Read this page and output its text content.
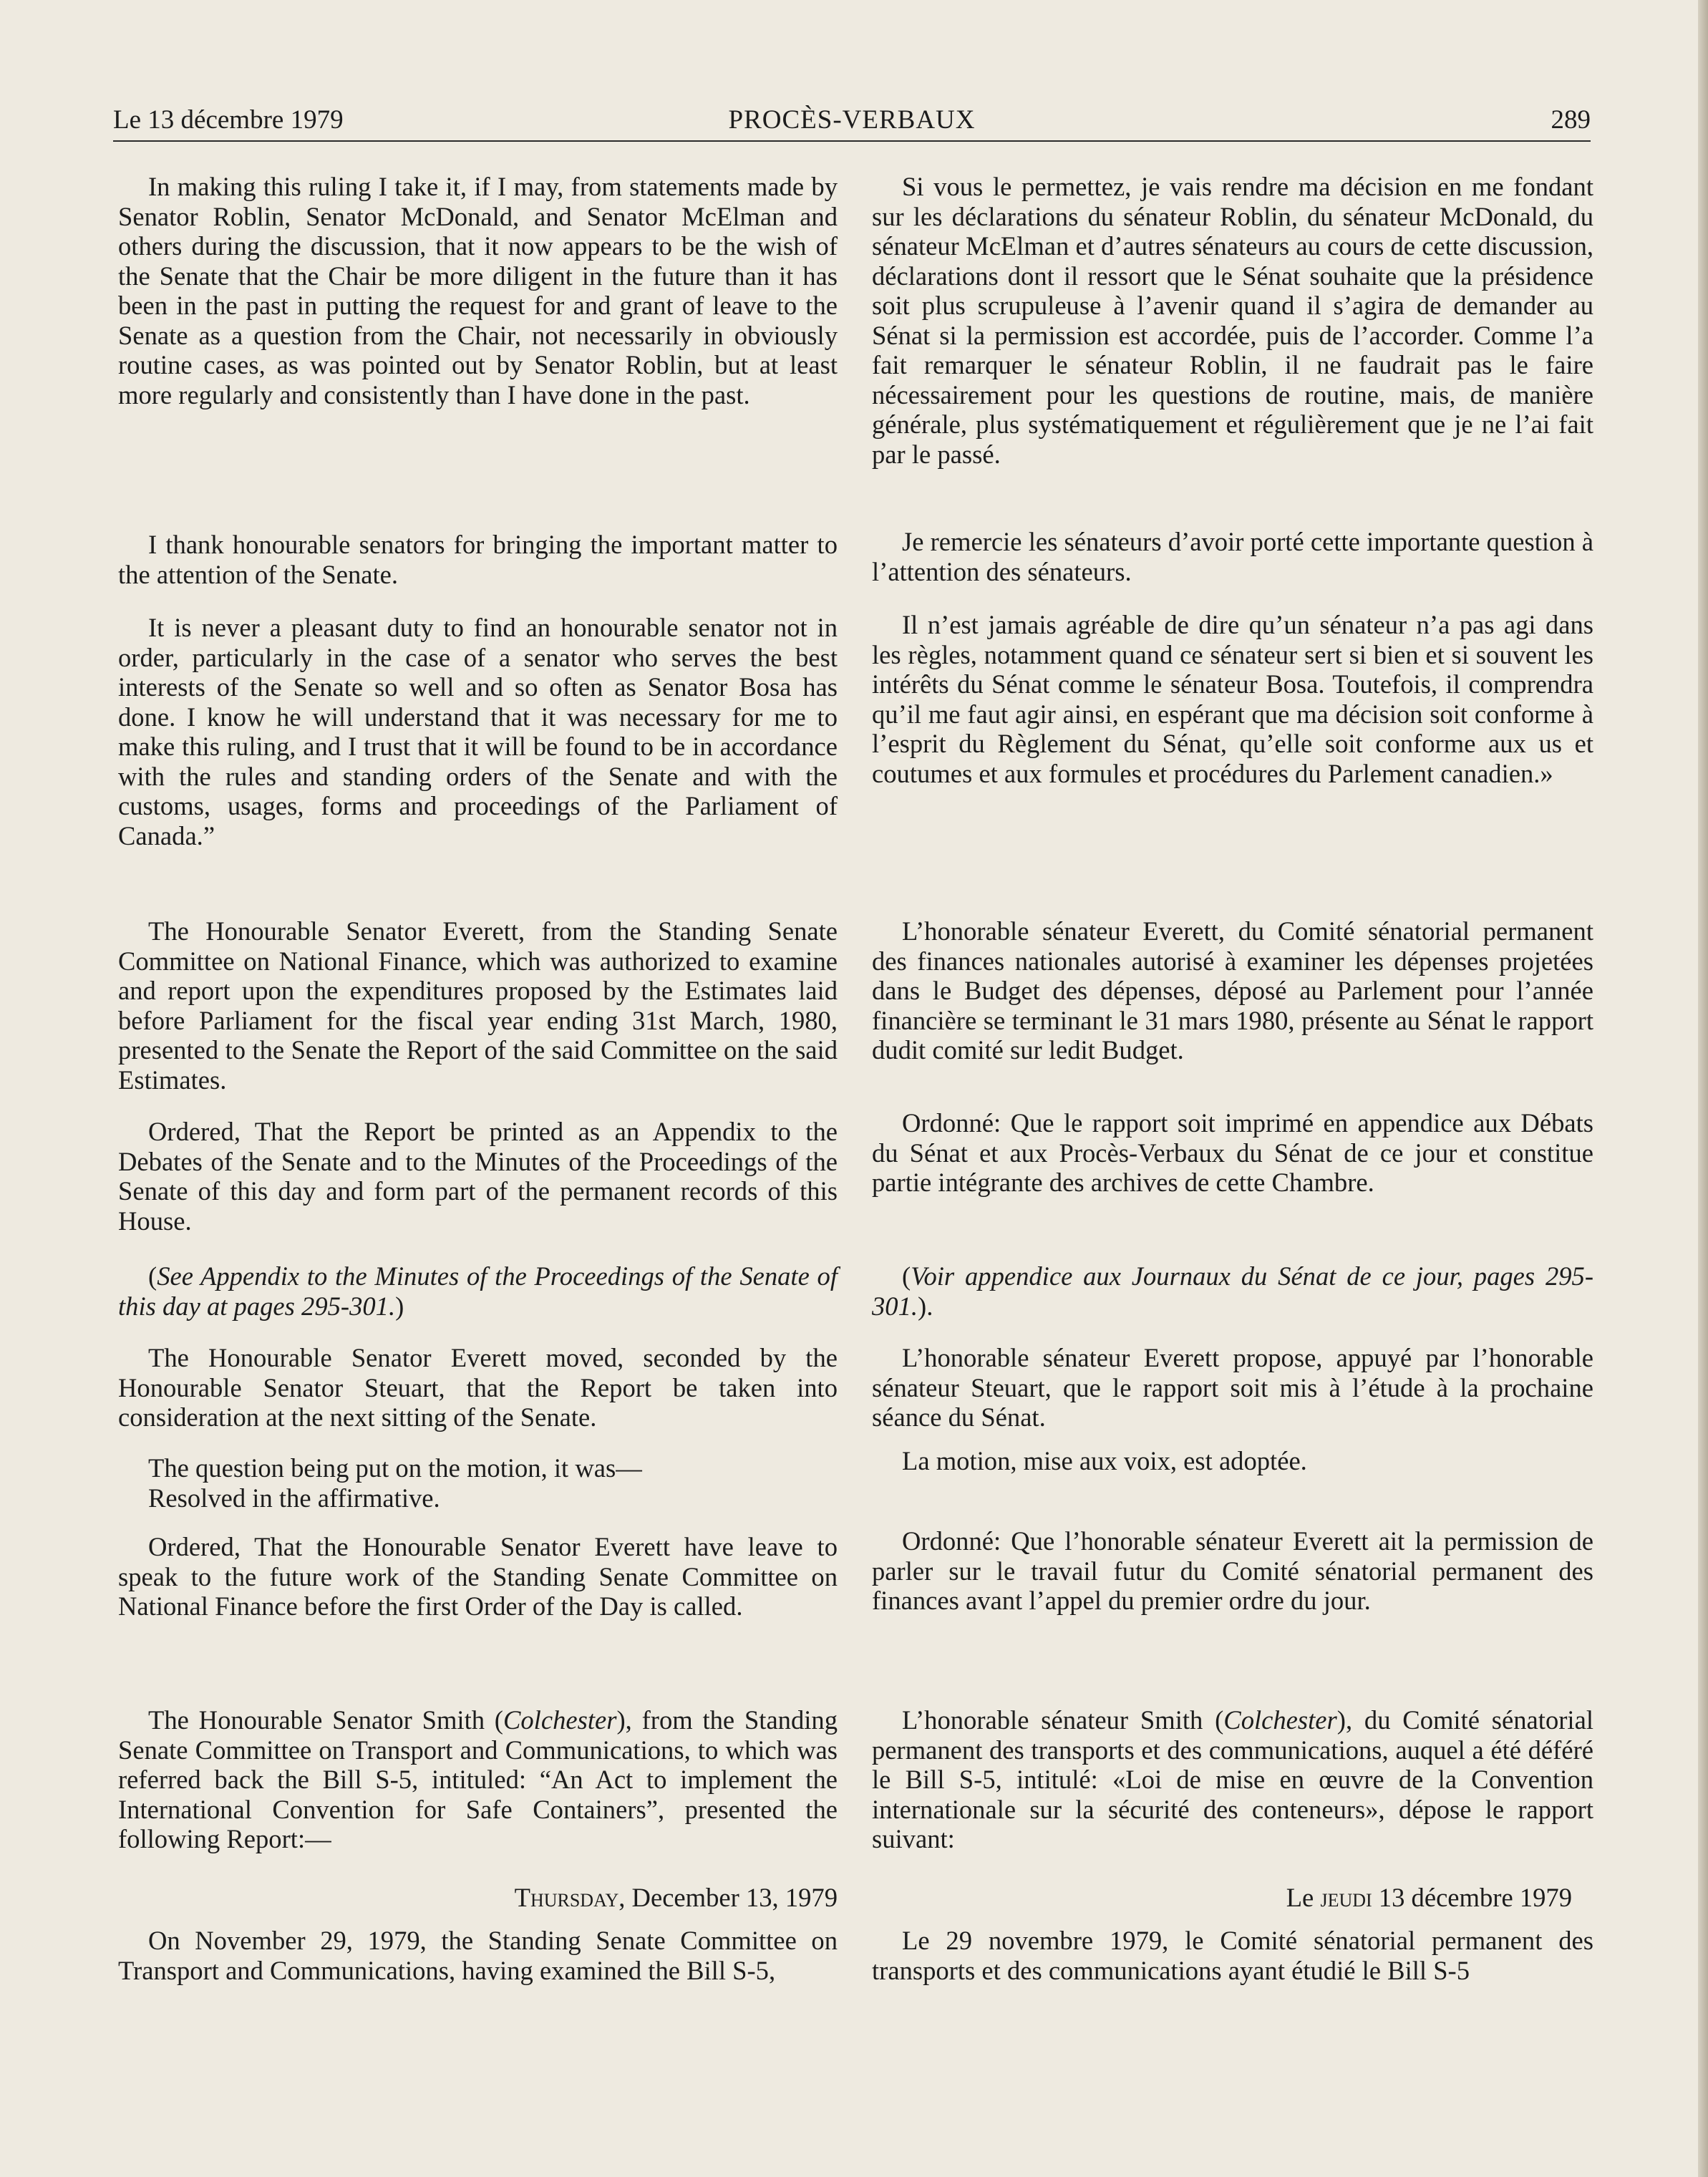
Le 13 décembre 1979	PROCÈS-VERBAUX	289
In making this ruling I take it, if I may, from statements made by Senator Roblin, Senator McDonald, and Senator McElman and others during the discussion, that it now appears to be the wish of the Senate that the Chair be more diligent in the future than it has been in the past in putting the request for and grant of leave to the Senate as a question from the Chair, not necessarily in obviously routine cases, as was pointed out by Senator Roblin, but at least more regularly and consistently than I have done in the past.
I thank honourable senators for bringing the important matter to the attention of the Senate.
It is never a pleasant duty to find an honourable senator not in order, particularly in the case of a senator who serves the best interests of the Senate so well and so often as Senator Bosa has done. I know he will understand that it was necessary for me to make this ruling, and I trust that it will be found to be in accordance with the rules and standing orders of the Senate and with the customs, usages, forms and proceedings of the Parliament of Canada.”
The Honourable Senator Everett, from the Standing Senate Committee on National Finance, which was authorized to examine and report upon the expenditures proposed by the Estimates laid before Parliament for the fiscal year ending 31st March, 1980, presented to the Senate the Report of the said Committee on the said Estimates.
Ordered, That the Report be printed as an Appendix to the Debates of the Senate and to the Minutes of the Proceedings of the Senate of this day and form part of the permanent records of this House.
(See Appendix to the Minutes of the Proceedings of the Senate of this day at pages 295-301.)
The Honourable Senator Everett moved, seconded by the Honourable Senator Steuart, that the Report be taken into consideration at the next sitting of the Senate.
The question being put on the motion, it was—
Resolved in the affirmative.
Ordered, That the Honourable Senator Everett have leave to speak to the future work of the Standing Senate Committee on National Finance before the first Order of the Day is called.
The Honourable Senator Smith (Colchester), from the Standing Senate Committee on Transport and Communications, to which was referred back the Bill S-5, intituled: “An Act to implement the International Convention for Safe Containers”, presented the following Report:—
Thursday, December 13, 1979
On November 29, 1979, the Standing Senate Committee on Transport and Communications, having examined the Bill S-5,
Si vous le permettez, je vais rendre ma décision en me fondant sur les déclarations du sénateur Roblin, du sénateur McDonald, du sénateur McElman et d’autres sénateurs au cours de cette discussion, déclarations dont il ressort que le Sénat souhaite que la présidence soit plus scrupuleuse à l’avenir quand il s’agira de demander au Sénat si la permission est accordée, puis de l’accorder. Comme l’a fait remarquer le sénateur Roblin, il ne faudrait pas le faire nécessairement pour les questions de routine, mais, de manière générale, plus systématiquement et régulièrement que je ne l’ai fait par le passé.
Je remercie les sénateurs d’avoir porté cette importante question à l’attention des sénateurs.
Il n’est jamais agréable de dire qu’un sénateur n’a pas agi dans les règles, notamment quand ce sénateur sert si bien et si souvent les intérêts du Sénat comme le sénateur Bosa. Toutefois, il comprendra qu’il me faut agir ainsi, en espérant que ma décision soit conforme à l’esprit du Règlement du Sénat, qu’elle soit conforme aux us et coutumes et aux formules et procédures du Parlement canadien.»
L’honorable sénateur Everett, du Comité sénatorial permanent des finances nationales autorisé à examiner les dépenses projetées dans le Budget des dépenses, déposé au Parlement pour l’année financière se terminant le 31 mars 1980, présente au Sénat le rapport dudit comité sur ledit Budget.
Ordonné: Que le rapport soit imprimé en appendice aux Débats du Sénat et aux Procès-Verbaux du Sénat de ce jour et constitue partie intégrante des archives de cette Chambre.
(Voir appendice aux Journaux du Sénat de ce jour, pages 295-301.).
L’honorable sénateur Everett propose, appuyé par l’honorable sénateur Steuart, que le rapport soit mis à l’étude à la prochaine séance du Sénat.
La motion, mise aux voix, est adoptée.
Ordonné: Que l’honorable sénateur Everett ait la permission de parler sur le travail futur du Comité sénatorial permanent des finances avant l’appel du premier ordre du jour.
L’honorable sénateur Smith (Colchester), du Comité sénatorial permanent des transports et des communications, auquel a été déféré le Bill S-5, intitulé: «Loi de mise en œuvre de la Convention internationale sur la sécurité des conteneurs», dépose le rapport suivant:
Le jeudi 13 décembre 1979
Le 29 novembre 1979, le Comité sénatorial permanent des transports et des communications ayant étudié le Bill S-5
